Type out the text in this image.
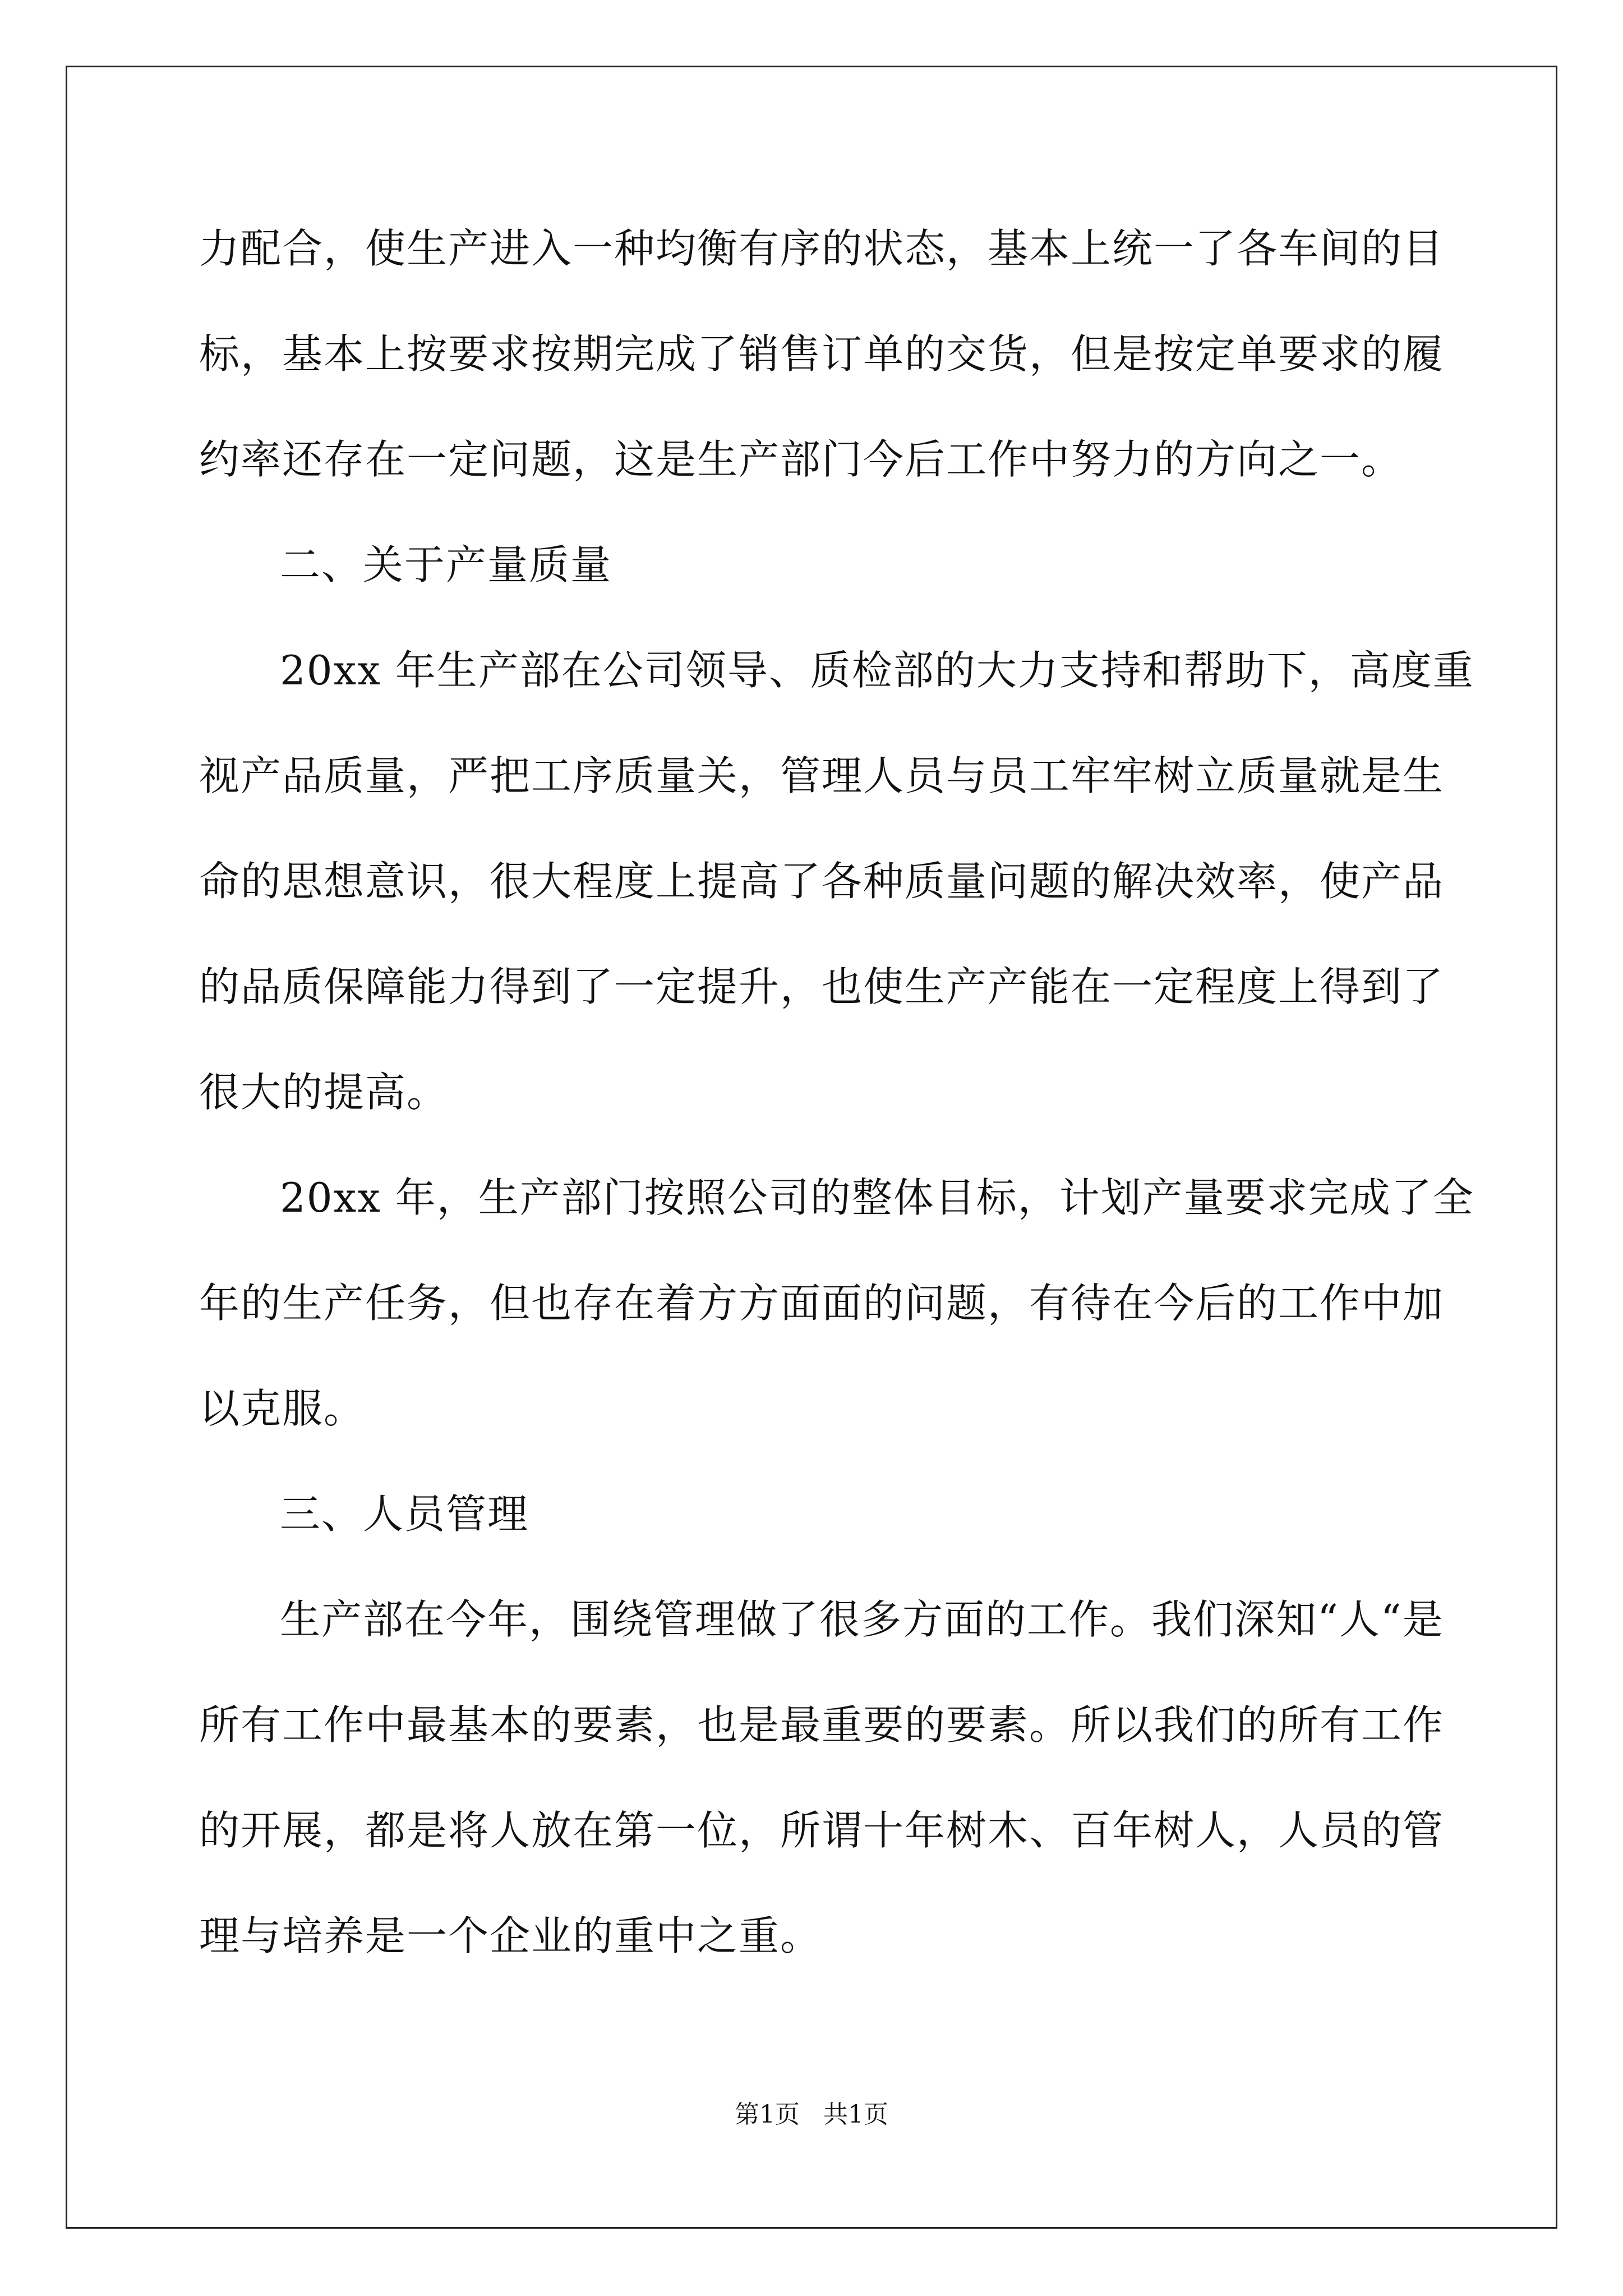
力配合，使生产进入一种均衡有序的状态，基本上统一了各车间的目
标，基本上按要求按期完成了销售订单的交货，但是按定单要求的履
约率还存在一定问题，这是生产部门今后工作中努力的方向之一。
二、关于产量质量
20xx 年生产部在公司领导、质检部的大力支持和帮助下，高度重
视产品质量，严把工序质量关，管理人员与员工牢牢树立质量就是生
命的思想意识，很大程度上提高了各种质量问题的解决效率，使产品
的品质保障能力得到了一定提升，也使生产产能在一定程度上得到了
很大的提高。
20xx 年，生产部门按照公司的整体目标，计划产量要求完成了全
年的生产任务，但也存在着方方面面的问题，有待在今后的工作中加
以克服。
三、人员管理
生产部在今年，围绕管理做了很多方面的工作。我们深知“人“是
所有工作中最基本的要素，也是最重要的要素。所以我们的所有工作
的开展，都是将人放在第一位，所谓十年树木、百年树人，人员的管
理与培养是一个企业的重中之重。
第1页   共1页
